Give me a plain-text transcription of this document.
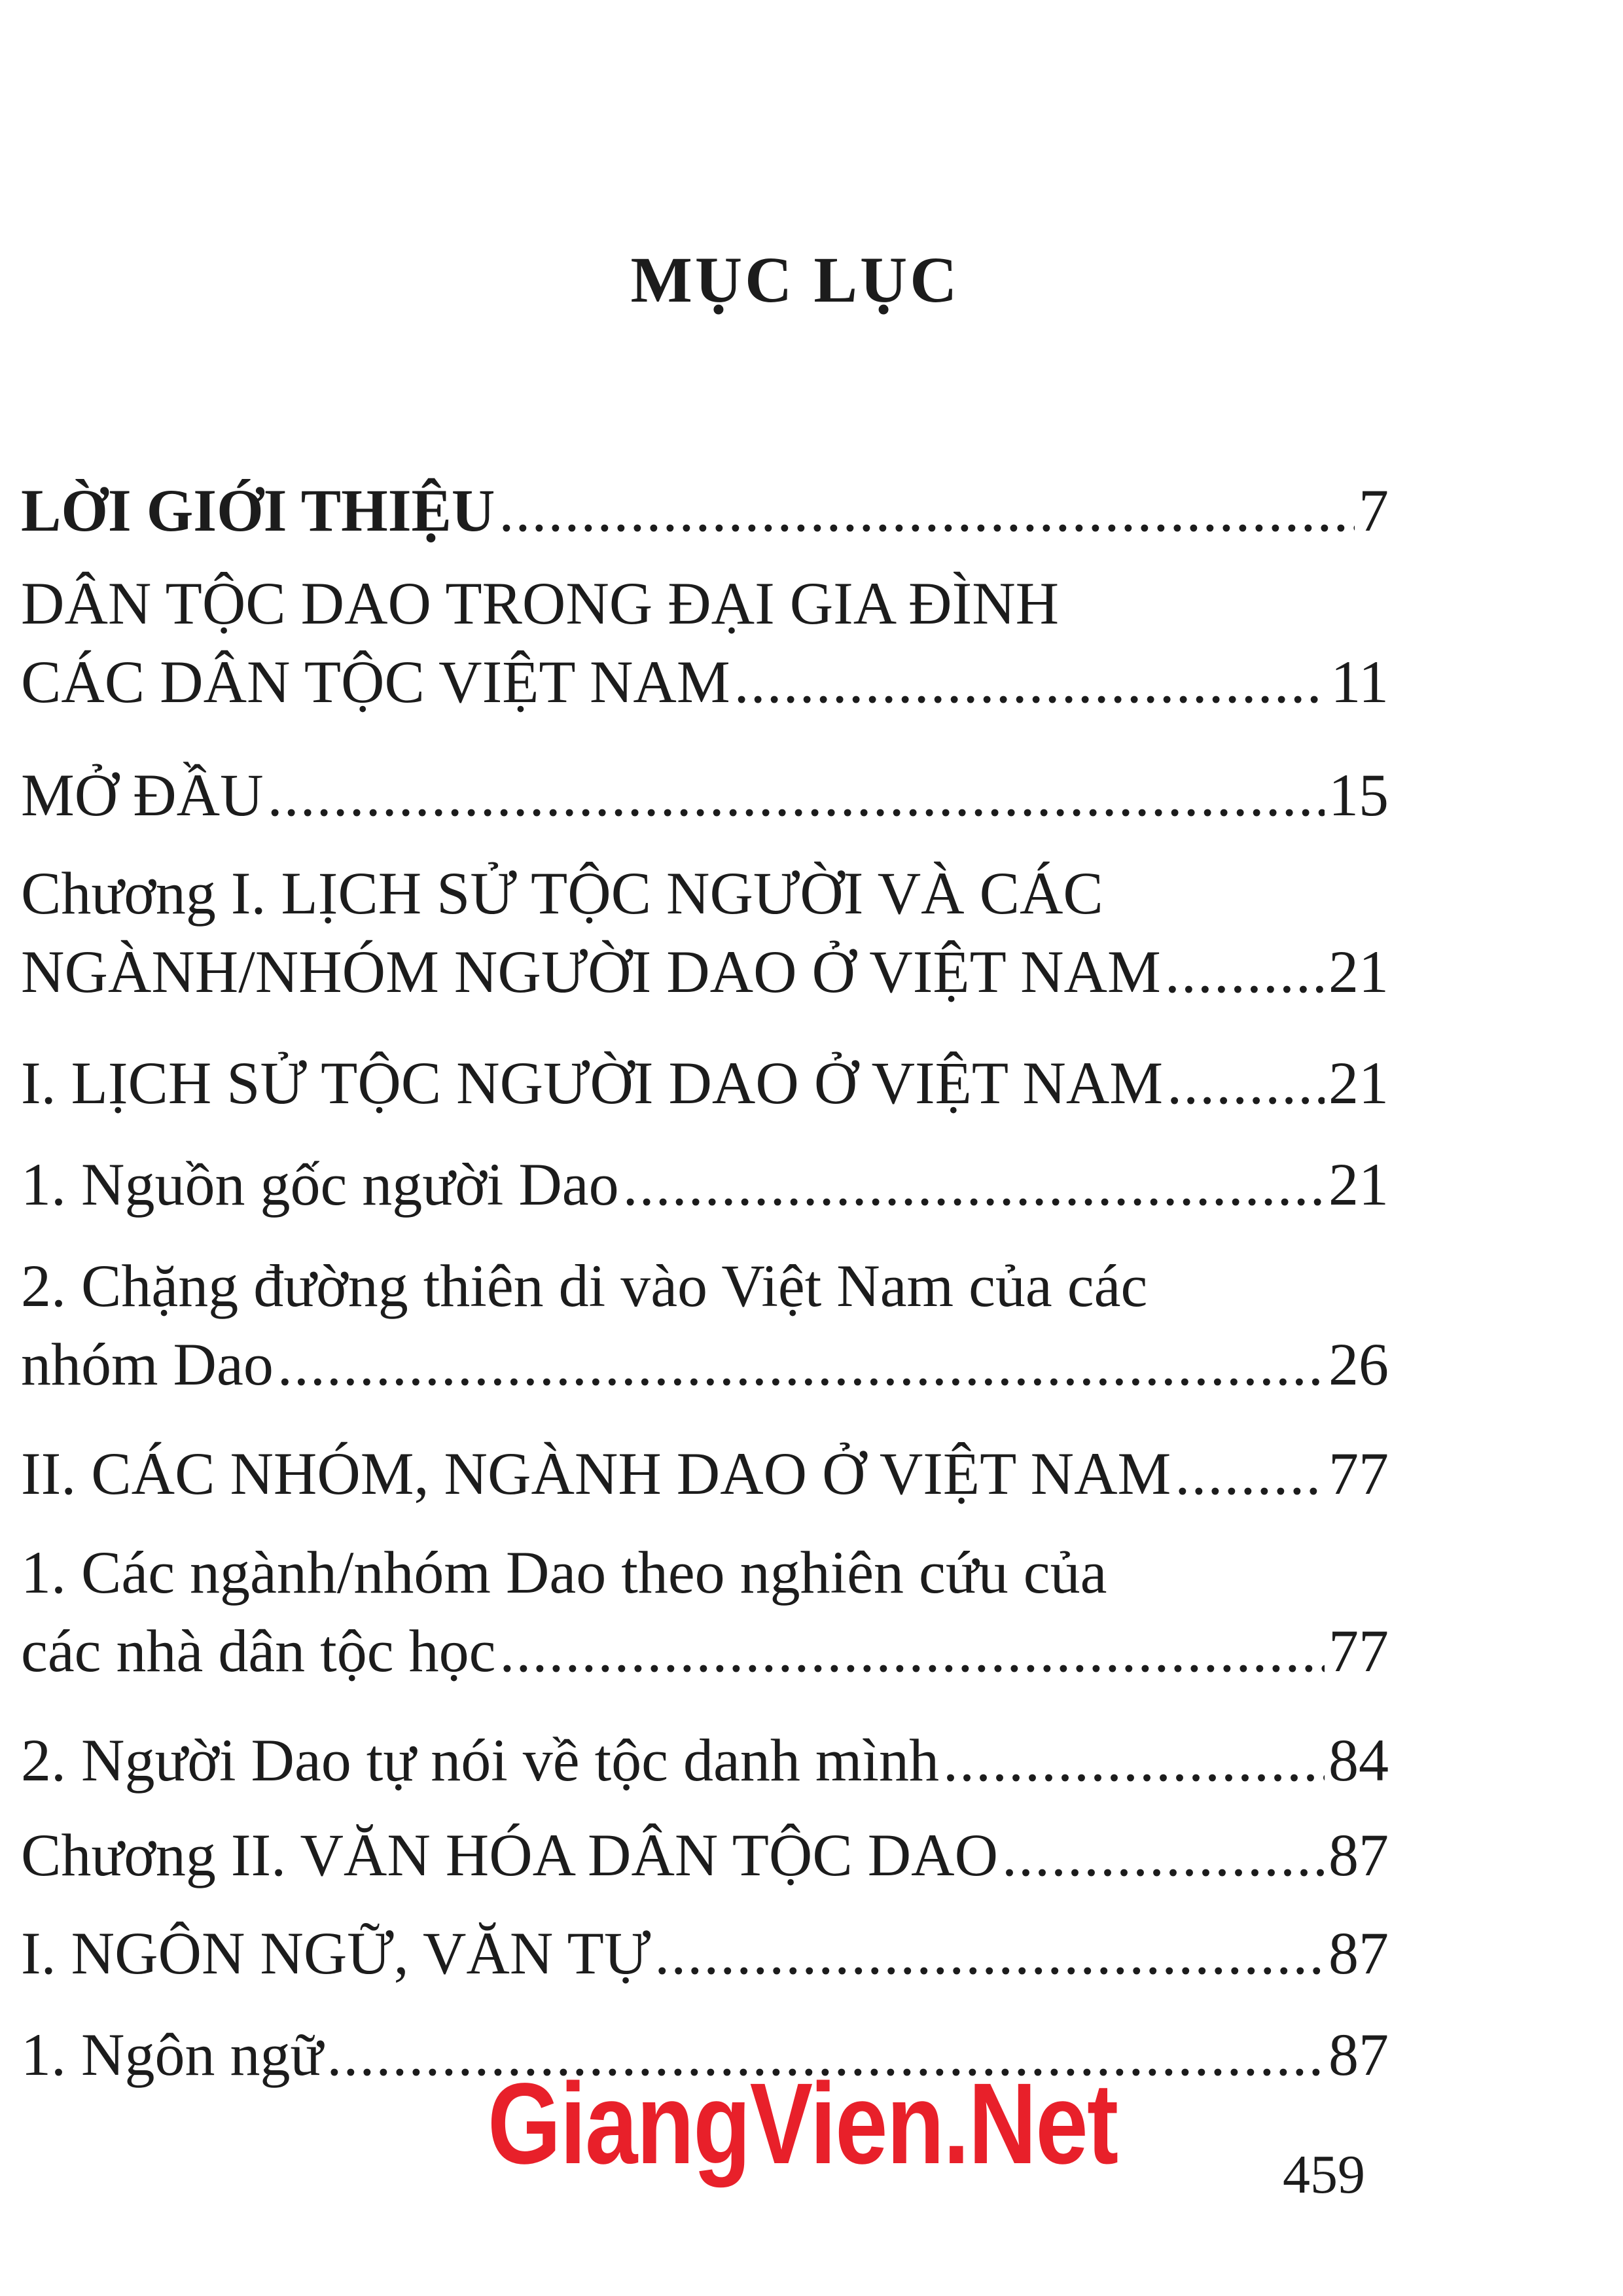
MỤC LỤC
LỜI GIỚI THIỆU .....	7
DÂN TỘC DAO TRONG ĐẠI GIA ĐÌNH
CÁC DÂN TỘC VIỆT NAM .....	11
MỞ ĐẦU .....	15
Chương I. LỊCH SỬ TỘC NGƯỜI VÀ CÁC
NGÀNH/NHÓM NGƯỜI DAO Ở VIỆT NAM .....	21
I. LỊCH SỬ TỘC NGƯỜI DAO Ở VIỆT NAM .....	21
1. Nguồn gốc người Dao .....	21
2. Chặng đường thiên di vào Việt Nam của các
nhóm Dao .....	26
II. CÁC NHÓM, NGÀNH DAO Ở VIỆT NAM .....	77
1. Các ngành/nhóm Dao theo nghiên cứu của
các nhà dân tộc học .....	77
2. Người Dao tự nói về tộc danh mình .....	84
Chương II. VĂN HÓA DÂN TỘC DAO .....	87
I. NGÔN NGỮ, VĂN TỰ .....	87
1. Ngôn ngữ .....	87
GiangVien.Net	459
